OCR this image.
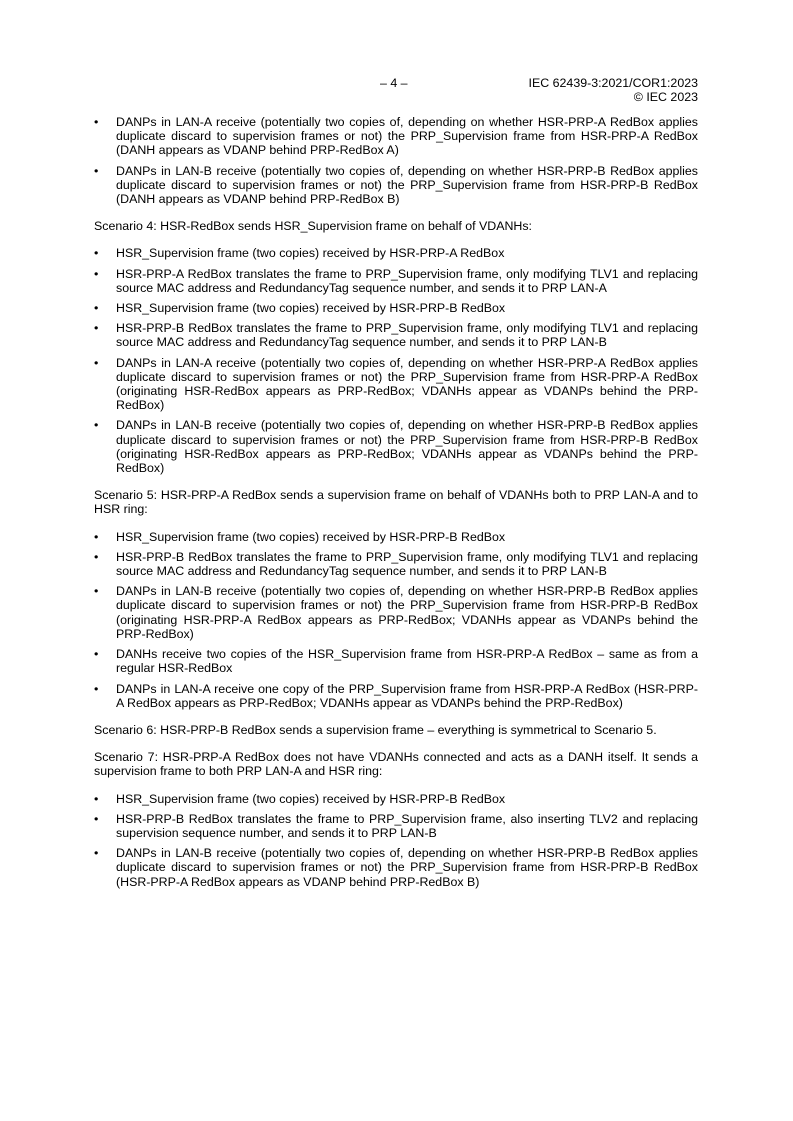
– 4 –	IEC 62439-3:2021/COR1:2023
© IEC 2023
• DANPs in LAN-A receive (potentially two copies of, depending on whether HSR-PRP-A RedBox applies duplicate discard to supervision frames or not) the PRP_Supervision frame from HSR-PRP-A RedBox (DANH appears as VDANP behind PRP-RedBox A)
• DANPs in LAN-B receive (potentially two copies of, depending on whether HSR-PRP-B RedBox applies duplicate discard to supervision frames or not) the PRP_Supervision frame from HSR-PRP-B RedBox (DANH appears as VDANP behind PRP-RedBox B)

Scenario 4: HSR-RedBox sends HSR_Supervision frame on behalf of VDANHs:

• HSR_Supervision frame (two copies) received by HSR-PRP-A RedBox
• HSR-PRP-A RedBox translates the frame to PRP_Supervision frame, only modifying TLV1 and replacing source MAC address and RedundancyTag sequence number, and sends it to PRP LAN-A
• HSR_Supervision frame (two copies) received by HSR-PRP-B RedBox
• HSR-PRP-B RedBox translates the frame to PRP_Supervision frame, only modifying TLV1 and replacing source MAC address and RedundancyTag sequence number, and sends it to PRP LAN-B
• DANPs in LAN-A receive (potentially two copies of, depending on whether HSR-PRP-A RedBox applies duplicate discard to supervision frames or not) the PRP_Supervision frame from HSR-PRP-A RedBox (originating HSR-RedBox appears as PRP-RedBox; VDANHs appear as VDANPs behind the PRP-RedBox)
• DANPs in LAN-B receive (potentially two copies of, depending on whether HSR-PRP-B RedBox applies duplicate discard to supervision frames or not) the PRP_Supervision frame from HSR-PRP-B RedBox (originating HSR-RedBox appears as PRP-RedBox; VDANHs appear as VDANPs behind the PRP-RedBox)

Scenario 5: HSR-PRP-A RedBox sends a supervision frame on behalf of VDANHs both to PRP LAN-A and to HSR ring:

• HSR_Supervision frame (two copies) received by HSR-PRP-B RedBox
• HSR-PRP-B RedBox translates the frame to PRP_Supervision frame, only modifying TLV1 and replacing source MAC address and RedundancyTag sequence number, and sends it to PRP LAN-B
• DANPs in LAN-B receive (potentially two copies of, depending on whether HSR-PRP-B RedBox applies duplicate discard to supervision frames or not) the PRP_Supervision frame from HSR-PRP-B RedBox (originating HSR-PRP-A RedBox appears as PRP-RedBox; VDANHs appear as VDANPs behind the PRP-RedBox)
• DANHs receive two copies of the HSR_Supervision frame from HSR-PRP-A RedBox – same as from a regular HSR-RedBox
• DANPs in LAN-A receive one copy of the PRP_Supervision frame from HSR-PRP-A RedBox (HSR-PRP-A RedBox appears as PRP-RedBox; VDANHs appear as VDANPs behind the PRP-RedBox)

Scenario 6: HSR-PRP-B RedBox sends a supervision frame – everything is symmetrical to Scenario 5.

Scenario 7: HSR-PRP-A RedBox does not have VDANHs connected and acts as a DANH itself. It sends a supervision frame to both PRP LAN-A and HSR ring:

• HSR_Supervision frame (two copies) received by HSR-PRP-B RedBox
• HSR-PRP-B RedBox translates the frame to PRP_Supervision frame, also inserting TLV2 and replacing supervision sequence number, and sends it to PRP LAN-B
• DANPs in LAN-B receive (potentially two copies of, depending on whether HSR-PRP-B RedBox applies duplicate discard to supervision frames or not) the PRP_Supervision frame from HSR-PRP-B RedBox (HSR-PRP-A RedBox appears as VDANP behind PRP-RedBox B)
